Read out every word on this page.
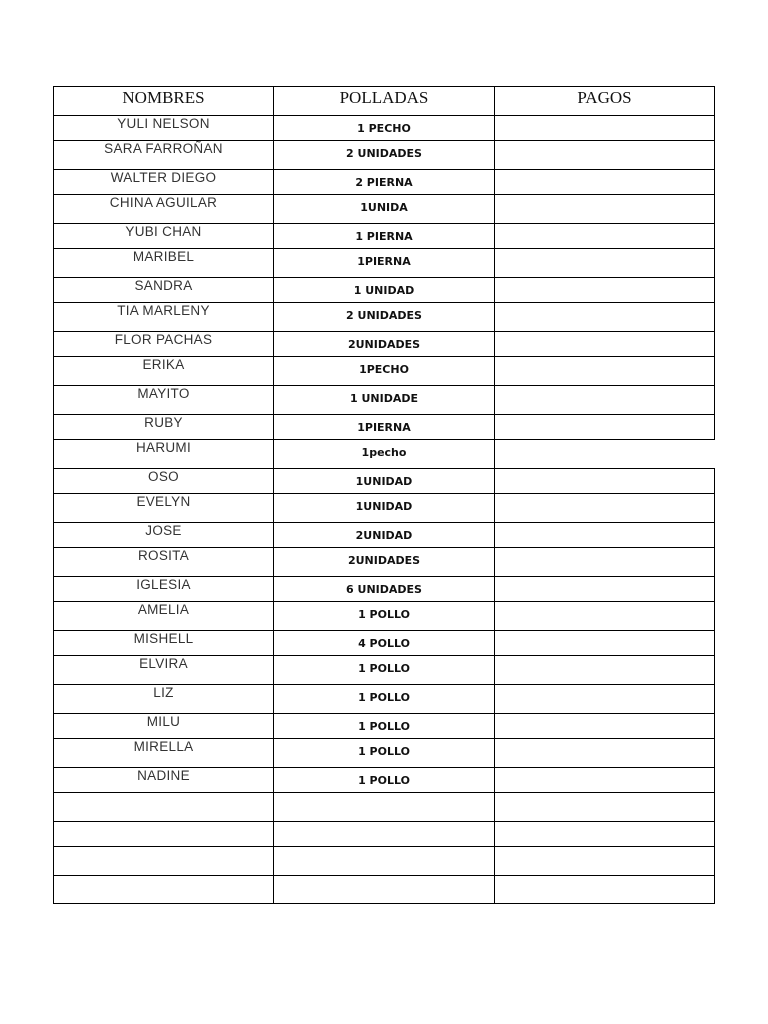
NOMBRES	POLLADAS	PAGOS
YULI NELSON	1 PECHO
SARA FARROÑAN	2 UNIDADES
WALTER DIEGO	2 PIERNA
CHINA AGUILAR	1UNIDA
YUBI CHAN	1 PIERNA
MARIBEL	1PIERNA
SANDRA	1 UNIDAD
TIA MARLENY	2 UNIDADES
FLOR PACHAS	2UNIDADES
ERIKA	1PECHO
MAYITO	1 UNIDADE
RUBY	1PIERNA
HARUMI	1pecho
OSO	1UNIDAD
EVELYN	1UNIDAD
JOSE	2UNIDAD
ROSITA	2UNIDADES
IGLESIA	6 UNIDADES
AMELIA	1 POLLO
MISHELL	4 POLLO
ELVIRA	1 POLLO
LIZ	1 POLLO
MILU	1 POLLO
MIRELLA	1 POLLO
NADINE	1 POLLO
